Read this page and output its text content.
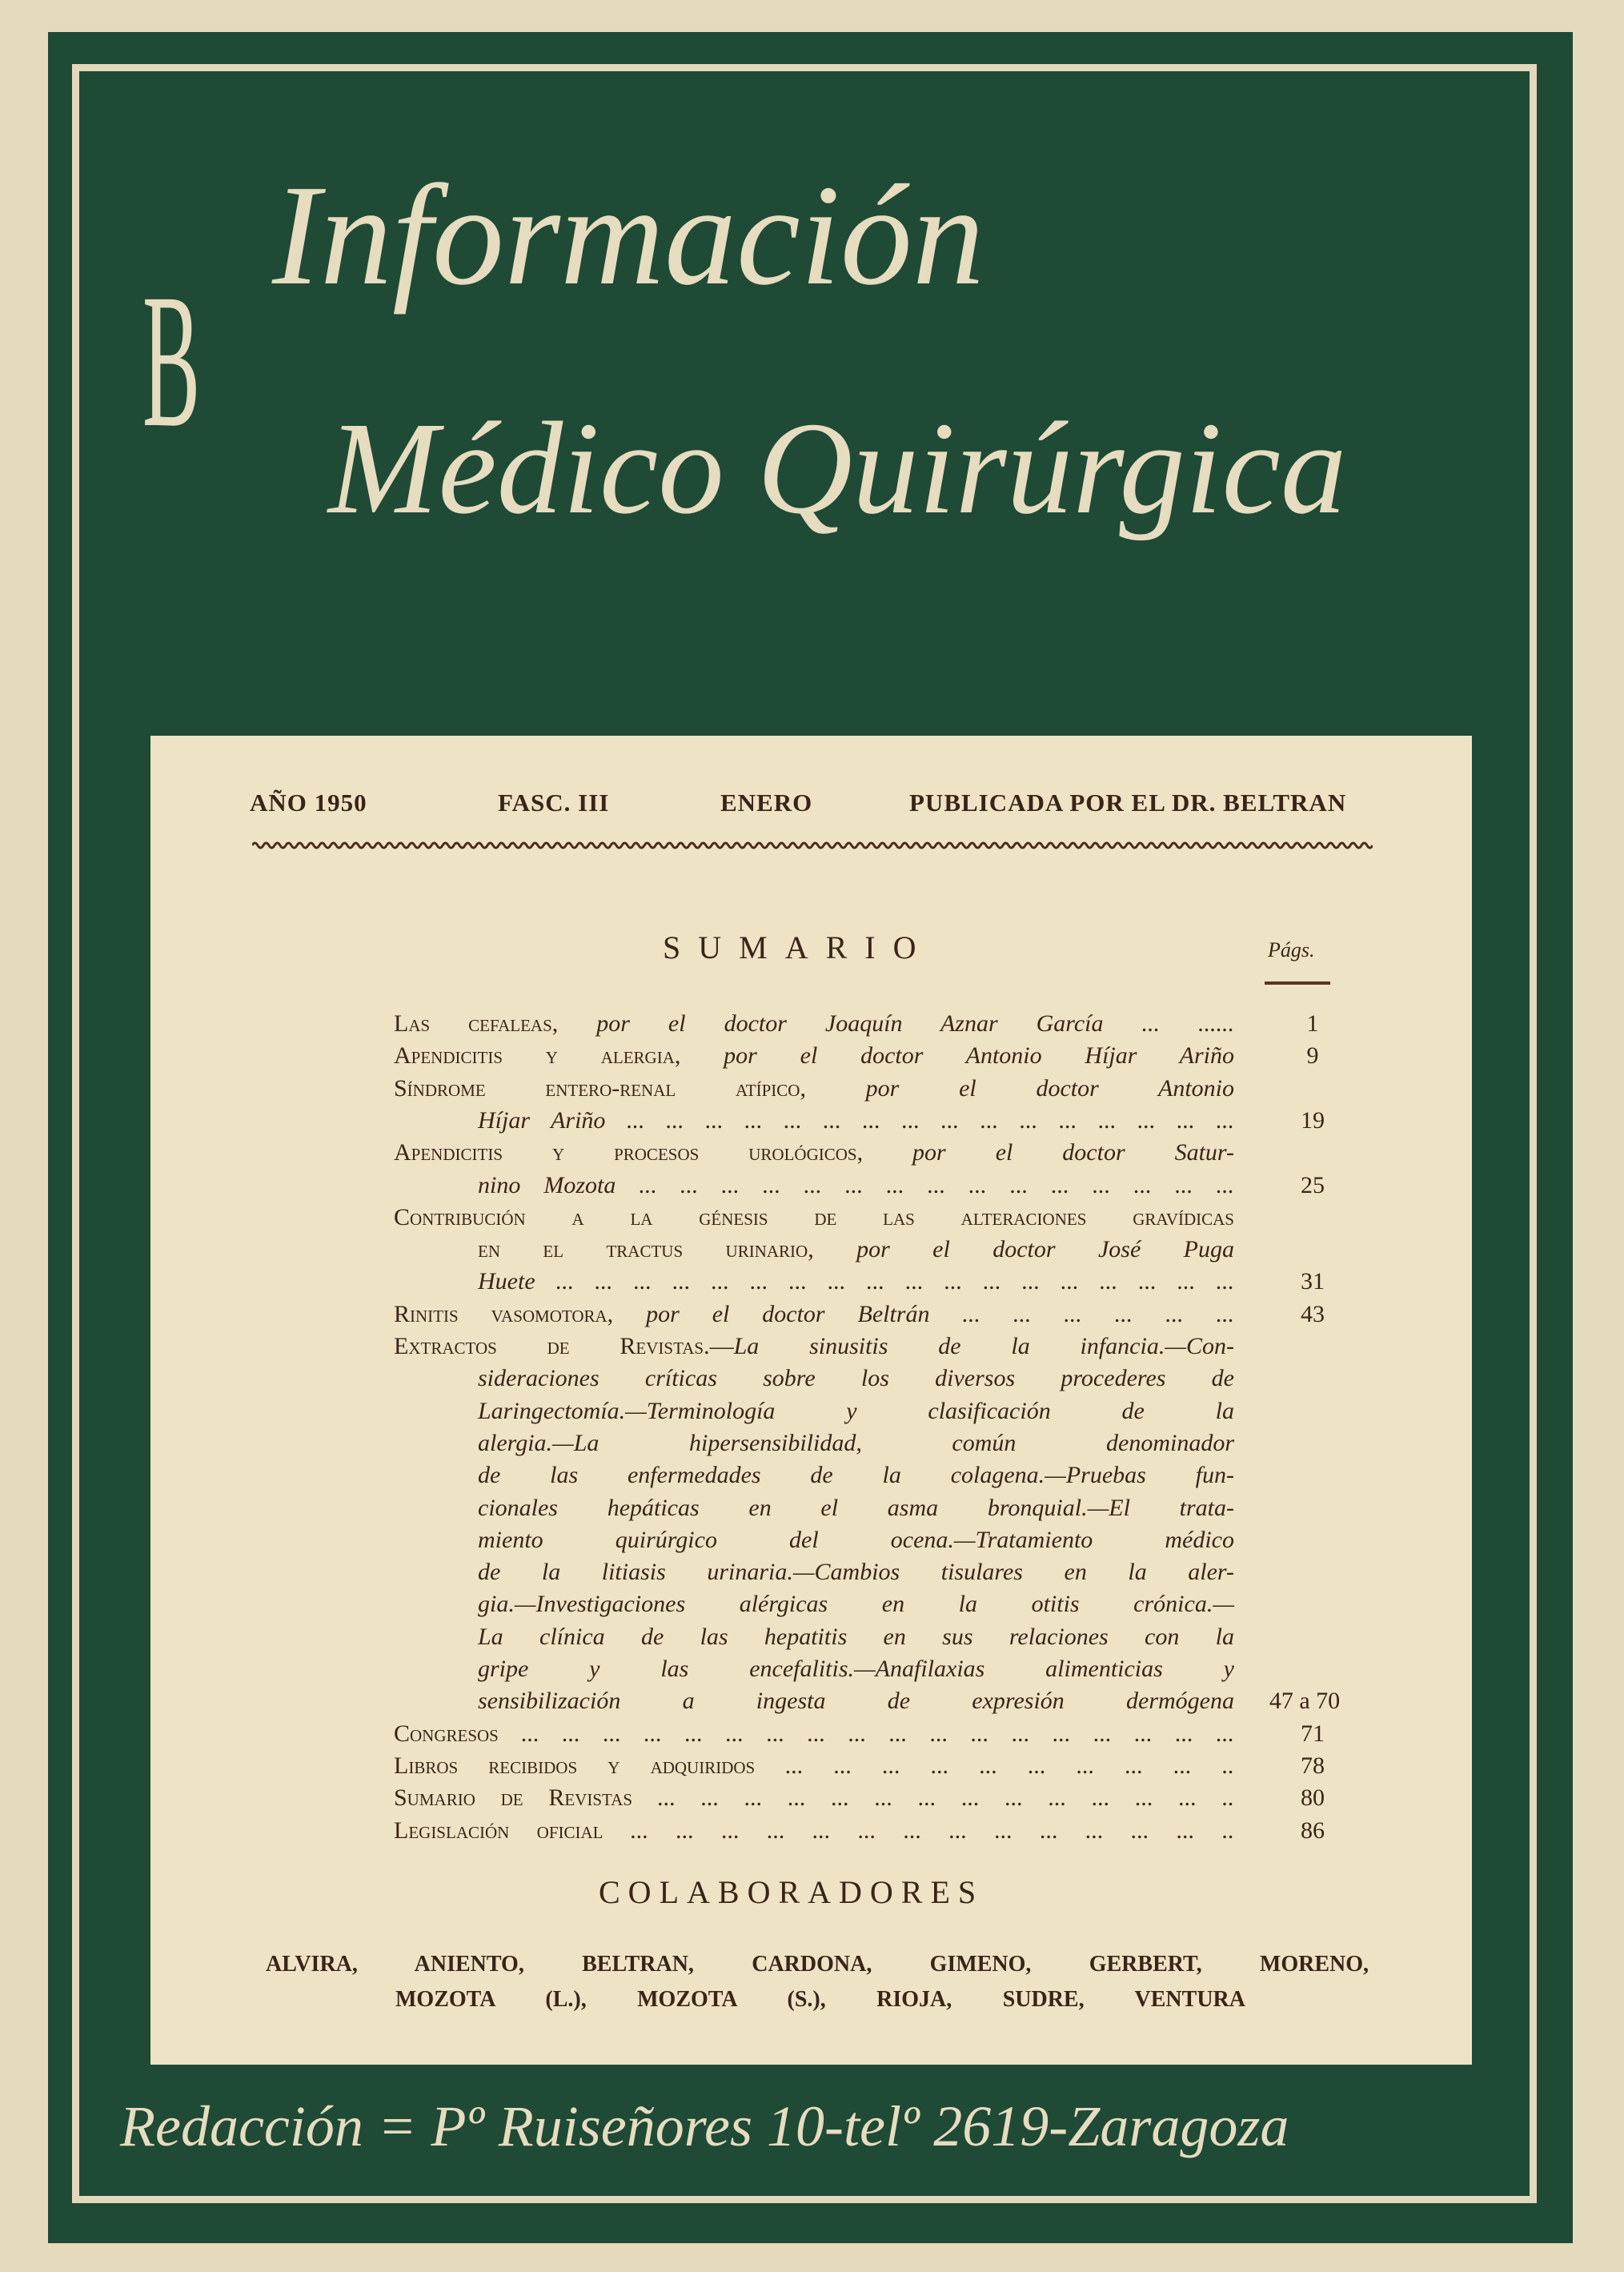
B
Información
Médico Quirúrgica
AÑO 1950	FASC. III	ENERO	PUBLICADA POR EL DR. BELTRAN
SUMARIO	Págs.
Las cefaleas, por el doctor Joaquín Aznar García ... ......	1
Apendicitis y alergia, por el doctor Antonio Híjar Ariño	9
Síndrome entero-renal atípico, por el doctor Antonio
Híjar Ariño ... ... ... ... ... ... ... ... ... ... ... ... ... ... ... ...	19
Apendicitis y procesos urológicos, por el doctor Satur-
nino Mozota ... ... ... ... ... ... ... ... ... ... ... ... ... ... ...	25
Contribución a la génesis de las alteraciones gravídicas
en el tractus urinario, por el doctor José Puga
Huete ... ... ... ... ... ... ... ... ... ... ... ... ... ... ... ... ... ...	31
Rinitis vasomotora, por el doctor Beltrán ... ... ... ... ... ...	43
Extractos de Revistas.—La sinusitis de la infancia.—Con-
sideraciones críticas sobre los diversos procederes de
Laringectomía.—Terminología y clasificación de la
alergia.—La hipersensibilidad, común denominador
de las enfermedades de la colagena.—Pruebas fun-
cionales hepáticas en el asma bronquial.—El trata-
miento quirúrgico del ocena.—Tratamiento médico
de la litiasis urinaria.—Cambios tisulares en la aler-
gia.—Investigaciones alérgicas en la otitis crónica.—
La clínica de las hepatitis en sus relaciones con la
gripe y las encefalitis.—Anafilaxias alimenticias y
sensibilización a ingesta de expresión dermógena	47 a 70
Congresos ... ... ... ... ... ... ... ... ... ... ... ... ... ... ... ... ... ...	71
Libros recibidos y adquiridos ... ... ... ... ... ... ... ... ... ..	78
Sumario de Revistas ... ... ... ... ... ... ... ... ... ... ... ... ... ..	80
Legislación oficial ... ... ... ... ... ... ... ... ... ... ... ... ... ..	86
COLABORADORES
ALVIRA, ANIENTO, BELTRAN, CARDONA, GIMENO, GERBERT, MORENO,
MOZOTA (L.), MOZOTA (S.), RIOJA, SUDRE, VENTURA
Redacción = Pº Ruiseñores 10-telº 2619-Zaragoza
